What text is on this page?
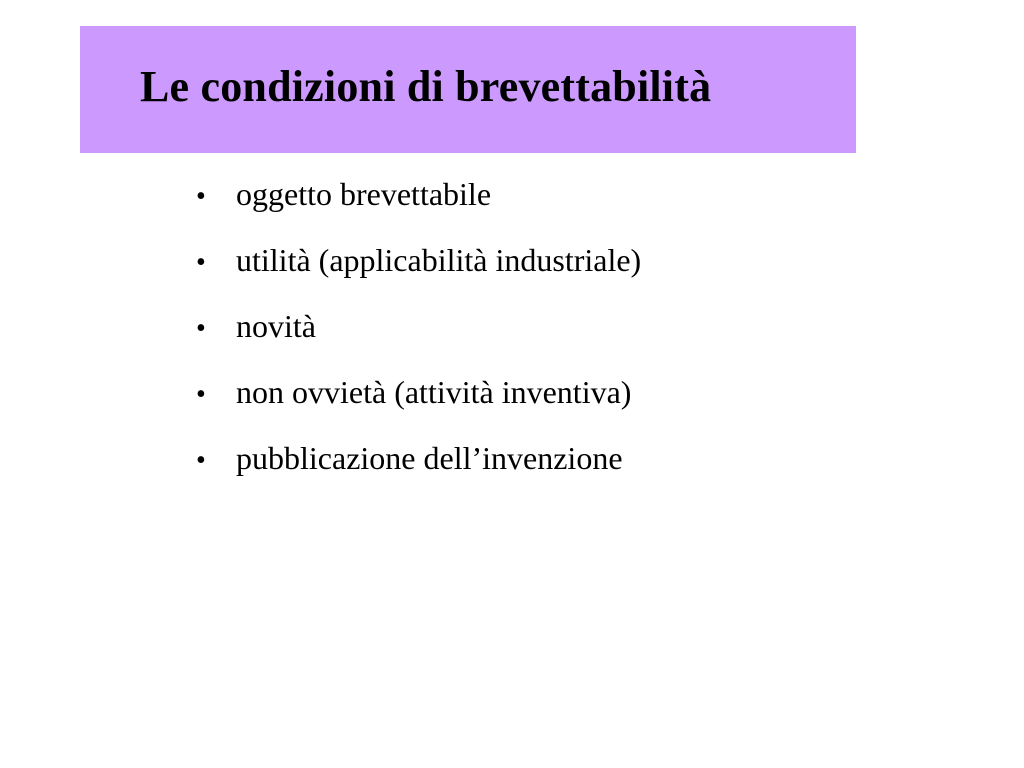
Le condizioni di brevettabilità
• oggetto brevettabile
• utilità (applicabilità industriale)
• novità
• non ovvietà (attività inventiva)
• pubblicazione dell’invenzione
